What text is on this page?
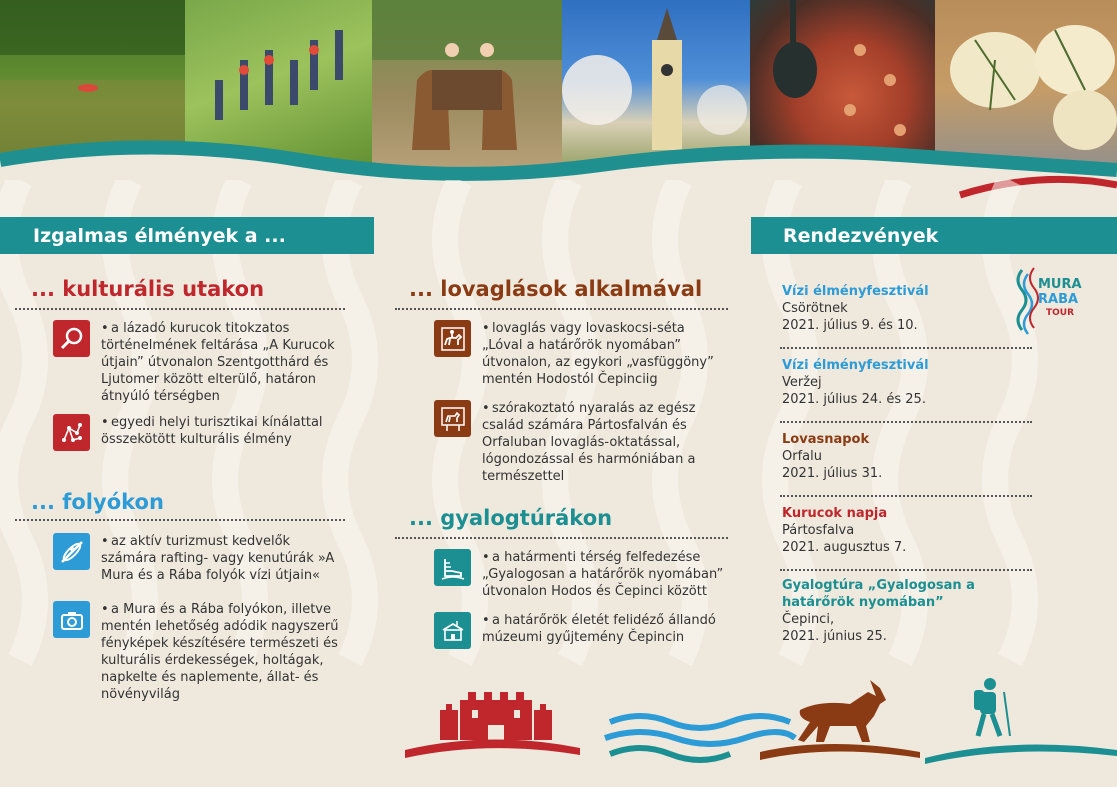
Izgalmas élmények a ...	Rendezvények
... kulturális utakon
• a lázadó kurucok titokzatos történelmének feltárása „A Kurucok útjain” útvonalon Szentgotthárd és Ljutomer között elterülő, határon átnyúló térségben
• egyedi helyi turisztikai kínálattal összekötött kulturális élmény
... folyókon
• az aktív turizmust kedvelők számára rafting- vagy kenutúrák »A Mura és a Rába folyók vízi útjain«
• a Mura és a Rába folyókon, illetve mentén lehetőség adódik nagyszerű fényképek készítésére természeti és kulturális érdekességek, holtágak, napkelte és naplemente, állat- és növényvilág
... lovaglások alkalmával
• lovaglás vagy lovaskocsi-séta „Lóval a határőrök nyomában” útvonalon, az egykori „vasfüggöny” mentén Hodostól Čepinciig
• szórakoztató nyaralás az egész család számára Pártosfalván és Orfaluban lovaglás-oktatással, lógondozással és harmóniában a természettel
... gyalogtúrákon
• a határmenti térség felfedezése „Gyalogosan a határőrök nyomában” útvonalon Hodos és Čepinci között
• a határőrök életét felidéző állandó múzeumi gyűjtemény Čepincin
Vízi élményfesztivál
Csörötnek
2021. július 9. és 10.
Vízi élményfesztivál
Veržej
2021. július 24. és 25.
Lovasnapok
Orfalu
2021. július 31.
Kurucok napja
Pártosfalva
2021. augusztus 7.
Gyalogtúra „Gyalogosan a határőrök nyomában”
Čepinci,
2021. június 25.
MURA
RABA
TOUR
